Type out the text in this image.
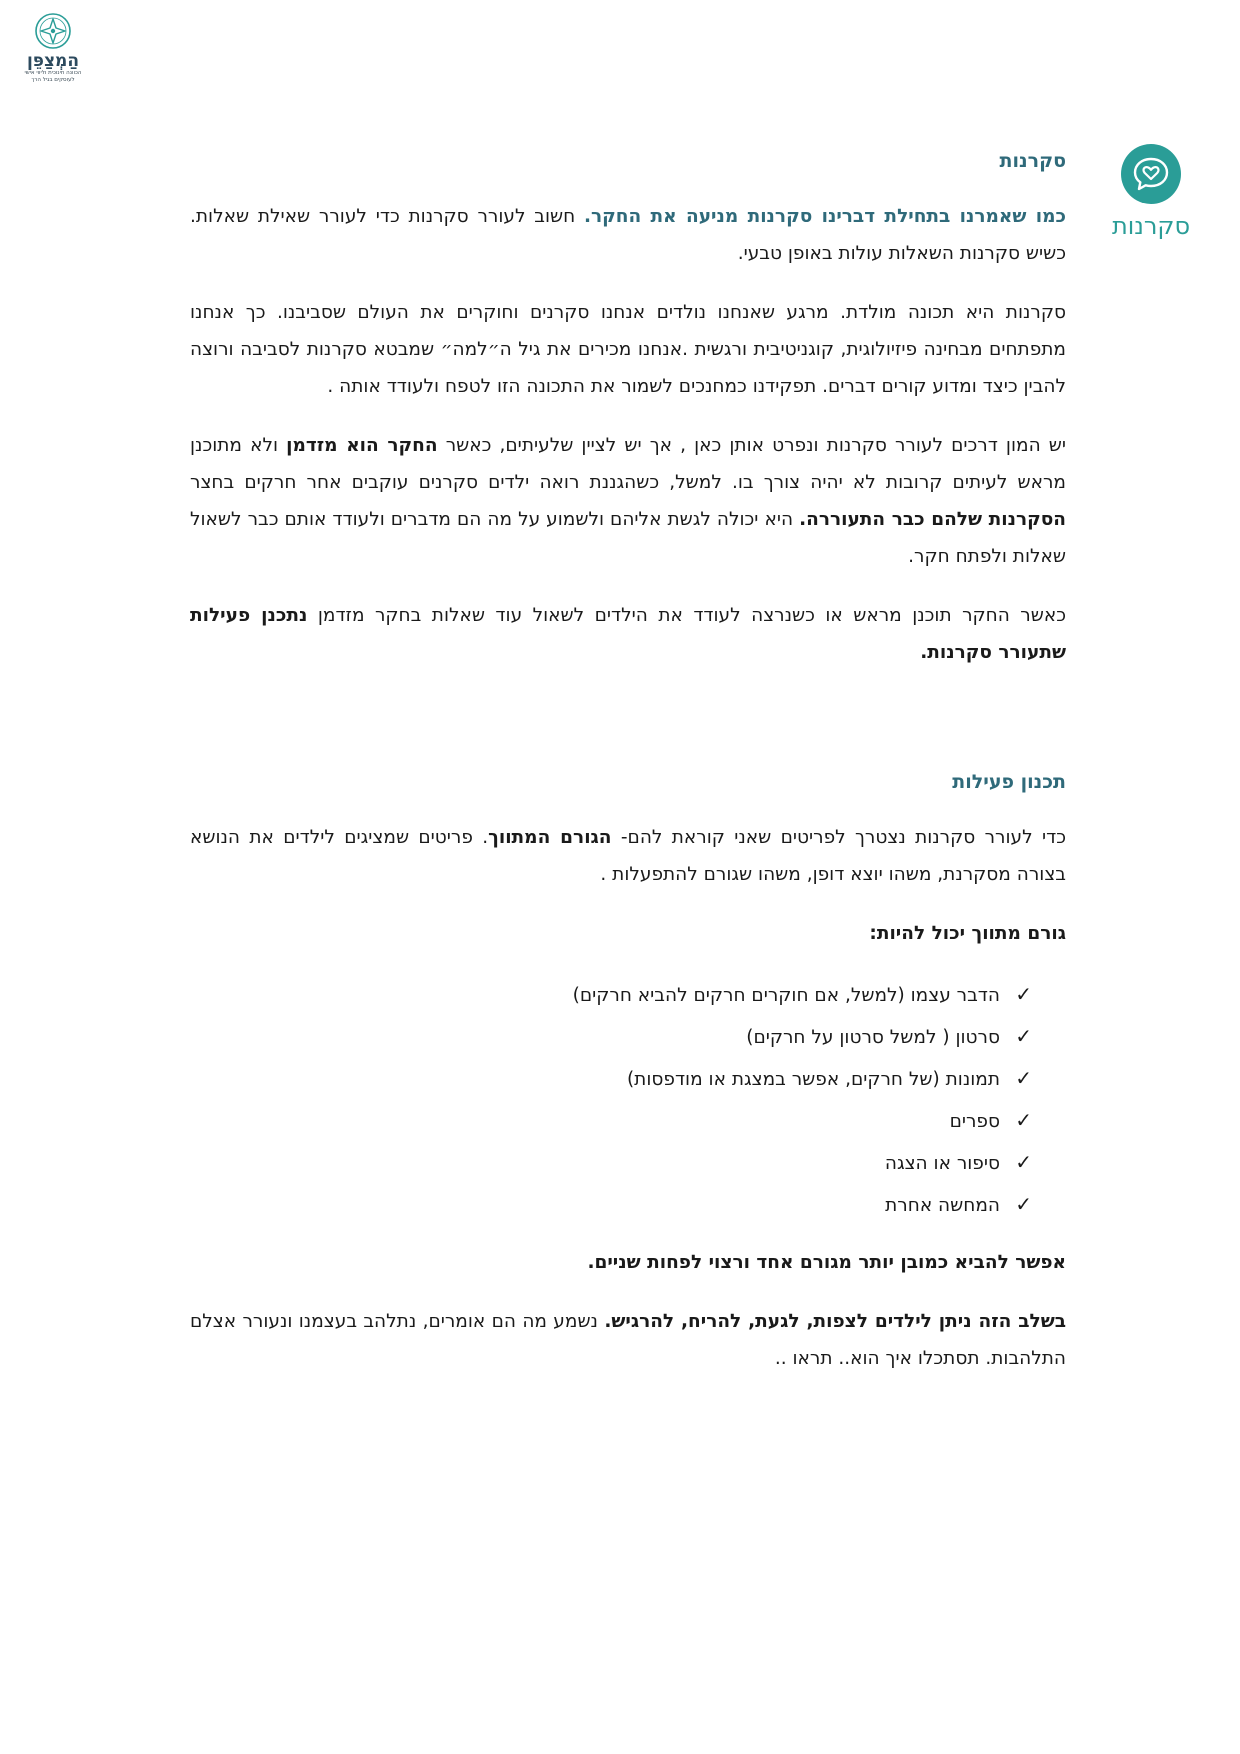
הַמְצַפֵּן
הכוונה חינוכית וליווי אישי
לעוסקים בגיל הרך
סקרנות
סקרנות

כמו שאמרנו בתחילת דברינו סקרנות מניעה את החקר. חשוב לעורר סקרנות כדי לעורר שאילת שאלות. כשיש סקרנות השאלות עולות באופן טבעי.

סקרנות היא תכונה מולדת. מרגע שאנחנו נולדים אנחנו סקרנים וחוקרים את העולם שסביבנו. כך אנחנו מתפתחים מבחינה פיזיולוגית, קוגניטיבית ורגשית .אנחנו מכירים את גיל ה״למה״ שמבטא סקרנות לסביבה ורוצה להבין כיצד ומדוע קורים דברים. תפקידנו כמחנכים לשמור את התכונה הזו לטפח ולעודד אותה .

יש המון דרכים לעורר סקרנות ונפרט אותן כאן , אך יש לציין שלעיתים, כאשר החקר הוא מזדמן ולא מתוכנן מראש לעיתים קרובות לא יהיה צורך בו. למשל, כשהגננת רואה ילדים סקרנים עוקבים אחר חרקים בחצר הסקרנות שלהם כבר התעוררה. היא יכולה לגשת אליהם ולשמוע על מה הם מדברים ולעודד אותם כבר לשאול שאלות ולפתח חקר.

כאשר החקר תוכנן מראש או כשנרצה לעודד את הילדים לשאול עוד שאלות בחקר מזדמן נתכנן פעילות שתעורר סקרנות.

תכנון פעילות

כדי לעורר סקרנות נצטרך לפריטים שאני קוראת להם- הגורם המתווך. פריטים שמציגים לילדים את הנושא בצורה מסקרנת, משהו יוצא דופן, משהו שגורם להתפעלות .

גורם מתווך יכול להיות:

✓הדבר עצמו (למשל, אם חוקרים חרקים להביא חרקים)
✓סרטון ( למשל סרטון על חרקים)
✓תמונות (של חרקים, אפשר במצגת או מודפסות)
✓ספרים
✓סיפור או הצגה
✓המחשה אחרת

אפשר להביא כמובן יותר מגורם אחד ורצוי לפחות שניים.

בשלב הזה ניתן לילדים לצפות, לגעת, להריח, להרגיש. נשמע מה הם אומרים, נתלהב בעצמנו ונעורר אצלם התלהבות. תסתכלו איך הוא.. תראו ..
